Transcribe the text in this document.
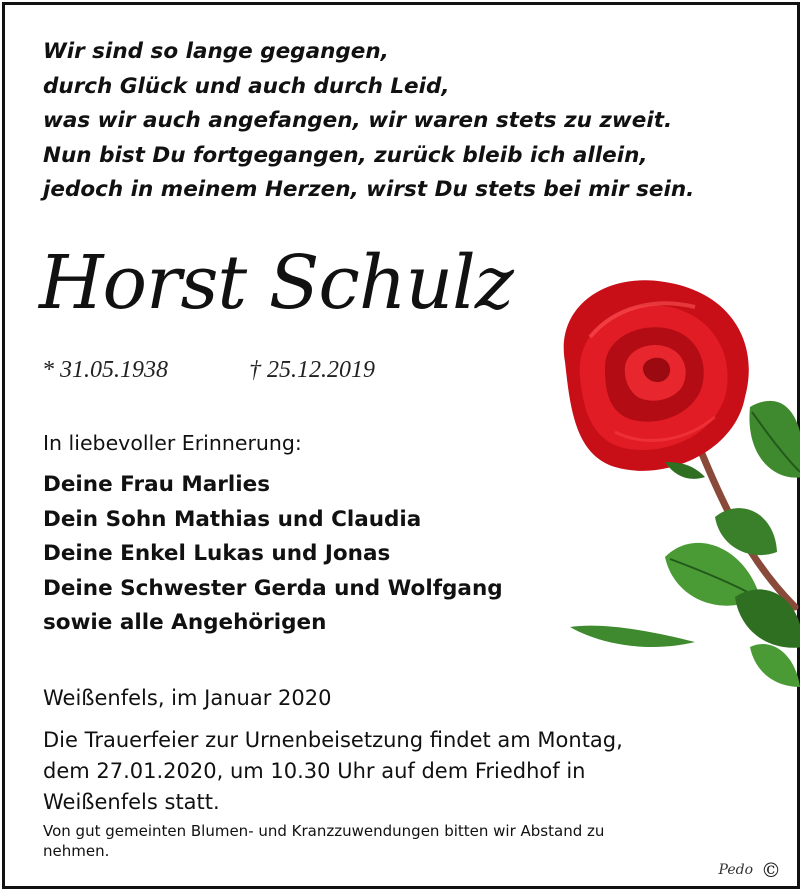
Wir sind so lange gegangen,
durch Glück und auch durch Leid,
was wir auch angefangen, wir waren stets zu zweit.
Nun bist Du fortgegangen, zurück bleib ich allein,
jedoch in meinem Herzen, wirst Du stets bei mir sein.
Horst Schulz
* 31.05.1938	† 25.12.2019
In liebevoller Erinnerung:
Deine Frau Marlies
Dein Sohn Mathias und Claudia
Deine Enkel Lukas und Jonas
Deine Schwester Gerda und Wolfgang
sowie alle Angehörigen
Weißenfels, im Januar 2020
Die Trauerfeier zur Urnenbeisetzung findet am Montag,
dem 27.01.2020, um 10.30 Uhr auf dem Friedhof in
Weißenfels statt.
Von gut gemeinten Blumen- und Kranzzuwendungen bitten wir Abstand zu
nehmen.
Pedo ©
